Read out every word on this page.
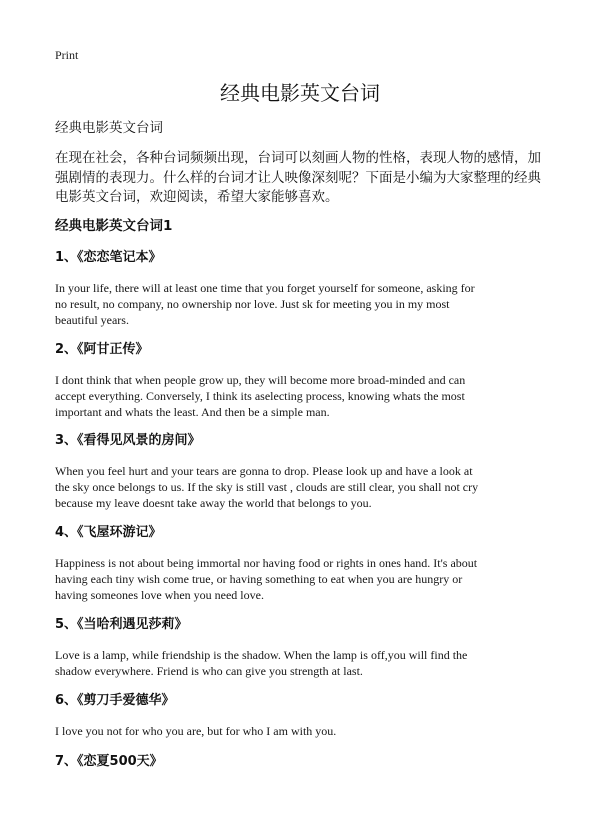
Print
经典电影英文台词
经典电影英文台词
在现在社会，各种台词频频出现，台词可以刻画人物的性格，表现人物的感情，加
强剧情的表现力。什么样的台词才让人映像深刻呢？下面是小编为大家整理的经典
电影英文台词，欢迎阅读，希望大家能够喜欢。
经典电影英文台词1
1、《恋恋笔记本》
In your life, there will at least one time that you forget yourself for someone, asking for
no result, no company, no ownership nor love. Just sk for meeting you in my most
beautiful years.
2、《阿甘正传》
I dont think that when people grow up, they will become more broad-minded and can
accept everything. Conversely, I think its aselecting process, knowing whats the most
important and whats the least. And then be a simple man.
3、《看得见风景的房间》
When you feel hurt and your tears are gonna to drop. Please look up and have a look at
the sky once belongs to us. If the sky is still vast , clouds are still clear, you shall not cry
because my leave doesnt take away the world that belongs to you.
4、《飞屋环游记》
Happiness is not about being immortal nor having food or rights in ones hand. It's about
having each tiny wish come true, or having something to eat when you are hungry or
having someones love when you need love.
5、《当哈利遇见莎莉》
Love is a lamp, while friendship is the shadow. When the lamp is off,you will find the
shadow everywhere. Friend is who can give you strength at last.
6、《剪刀手爱德华》
I love you not for who you are, but for who I am with you.
7、《恋夏500天》
